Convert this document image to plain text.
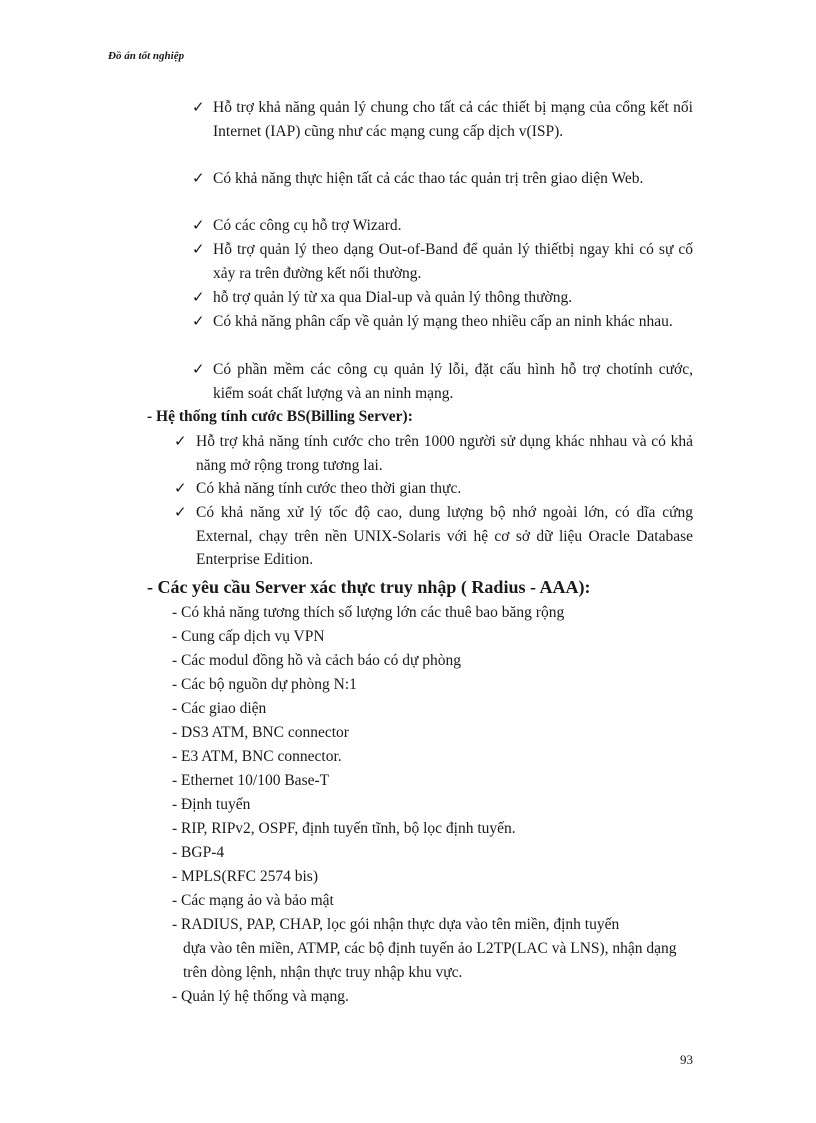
Đồ án tốt nghiệp
✓ Hỗ trợ khả năng quản lý chung cho tất cả các thiết bị mạng của cổng kết nối Internet (IAP) cũng như các mạng cung cấp dịch v(ISP).
✓ Có khả năng thực hiện tất cả các thao tác quản trị trên giao diện Web.
✓ Có các công cụ hỗ trợ Wizard.
✓ Hỗ trợ quản lý theo dạng Out-of-Band để quản lý thiếtbị ngay khi có sự cố xảy ra trên đường kết nối thường.
✓ hỗ trợ quản lý từ xa qua Dial-up và quản lý thông thường.
✓ Có khả năng phân cấp về quản lý mạng theo nhiều cấp an ninh khác nhau.
✓ Có phần mềm các công cụ quản lý lỗi, đặt cấu hình hỗ trợ chotính cước, kiểm soát chất lượng và an ninh mạng.
- Hệ thống tính cước BS(Billing Server):
✓ Hỗ trợ khả năng tính cước cho trên 1000 người sử dụng khác nhhau và có khả năng mở rộng trong tương lai.
✓ Có khả năng tính cước theo thời gian thực.
✓ Có khả năng xử lý tốc độ cao, dung lượng bộ nhớ ngoài lớn, có dĩa cứng External, chạy trên nền UNIX-Solaris với hệ cơ sở dữ liệu Oracle Database Enterprise Edition.
- Các yêu cầu Server xác thực truy nhập ( Radius - AAA):
- Có khả năng tương thích số lượng lớn các thuê bao băng rộng
- Cung cấp dịch vụ VPN
- Các modul đồng hồ và cảch báo có dự phòng
- Các bộ nguồn dự phòng N:1
- Các giao diện
- DS3 ATM, BNC connector
- E3 ATM, BNC connector.
- Ethernet 10/100 Base-T
- Định tuyến
- RIP, RIPv2, OSPF, định tuyến tĩnh, bộ lọc định tuyến.
- BGP-4
- MPLS(RFC 2574 bis)
- Các mạng ảo và bảo mật
- RADIUS, PAP, CHAP, lọc gói nhận thực dựa vào tên miền, định tuyến
dựa vào tên miền, ATMP, các bộ định tuyến ảo L2TP(LAC và LNS), nhận dạng trên dòng lệnh, nhận thực truy nhập khu vực.
- Quản lý hệ thống và mạng.
93
